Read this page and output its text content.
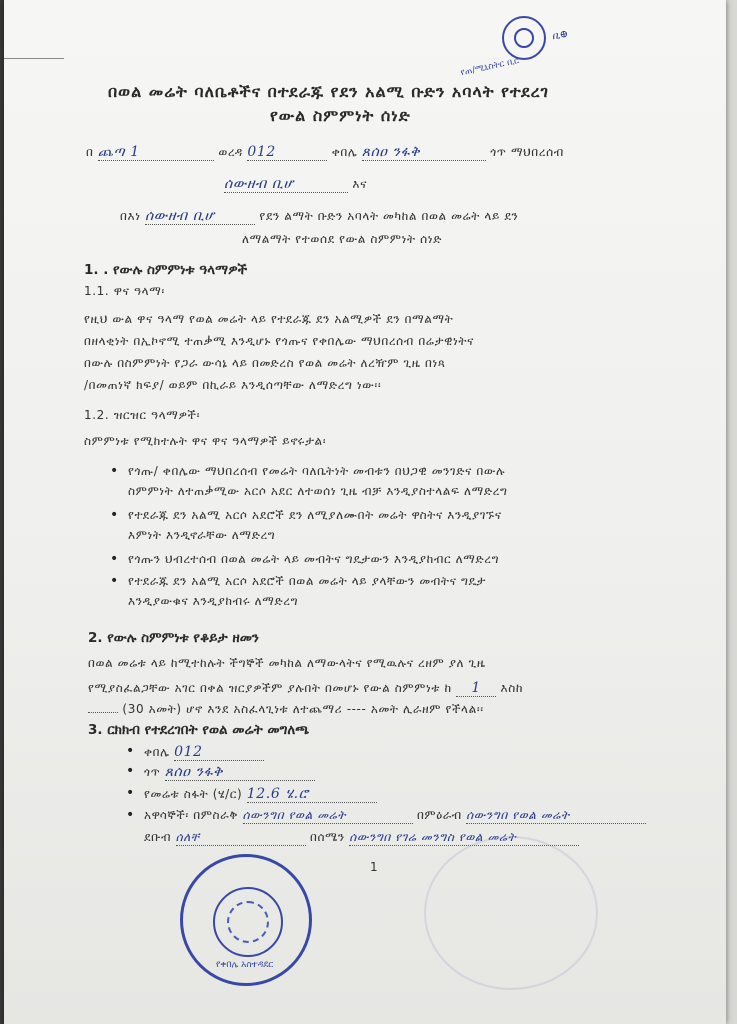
የጠ/ሚኒስትር ቢሮ
ቢ⊕
በወል መሬት ባለቤቶችና በተደራጁ የደን አልሚ ቡድን አባላት የተደረገ
የውል ስምምነት ሰነድ
በ ጨጣ 1	ወረዳ 012	ቀበሌ ጸሰዐ ንፋቅ	ጎጥ ማህበረሰብ
ሰውዘብ ቢሆ	እና
በእነ ሰውዘብ ቢሆ	የደን ልማት ቡድን አባላት መካከል በወል መሬት ላይ ደን
ለማልማት የተወሰደ የውል ስምምነት ሰነድ
1. . የውሉ ስምምነቱ ዓላማዎች
1.1. ዋና ዓላማ፡
የዚህ ውል ዋና ዓላማ የወል መሬት ላይ የተደራጁ ደን አልሚዎች ደን በማልማት
በዘላቂነት በኢኮኖሚ ተጠቃሚ እንዲሆኑ የጎጡና የቀበሌው ማህበረሰብ በሬታዊነትና
በውሉ በስምምነት የጋራ ውሳኔ ላይ በመድረስ የወል መሬት ለረዥም ጊዜ በነጻ
/በመጠነኛ ክፍያ/ ወይም በኪራይ እንዲሰጣቸው ለማድረግ ነው፡፡
1.2. ዝርዝር ዓላማዎች፡
ስምምነቱ የሚከተሉት ዋና ዋና ዓላማዎች ይኖሩታል፡
• የጎጡ/ ቀበሌው ማህበረሰብ የመሬት ባለቤትነት መብቱን በህጋዊ መንገድና በውሉ
ስምምነት ለተጠቃሚው አርሶ አደር ለተወሰነ ጊዜ ብቻ እንዲያስተላልፍ ለማድረግ
• የተደራጁ ደን አልሚ አርሶ አደሮች ደን ለሚያለሙበት መሬት ዋስትና እንዲያገኙና
እምነት እንዲኖራቸው ለማድረግ
• የጎጡን ህብረተሰብ በወል መሬት ላይ መብትና ግዴታውን እንዲያከብር ለማድረግ
• የተደራጁ ደን አልሚ አርሶ አደሮች በወል መሬት ላይ ያላቸውን መብትና ግዴታ
እንዲያውቁና እንዲያከብሩ ለማድረግ
2. የውሉ ስምምነቱ የቆይታ ዘመን
በወል መሬቱ ላይ ከሚተከሉት ችግኞች መካከል ለማውላትና የሚዉሉና ረዘም ያለ ጊዜ
የሚያስፈልጋቸው አገር በቀል ዝርያዎችም ያሉበት በመሆኑ የውል ስምምነቱ ከ 1 እስከ
(30 አመት) ሆኖ እንደ አስፈላጊነቱ ለተጨማሪ ---- አመት ሊራዘም የችላል፡፡
3. ርክክብ የተደረገበት የወል መሬት መግለጫ
• ቀበሌ 012
• ጎጥ ጸሰዐ ንፋቅ
• የመሬቱ ስፋት (ሄ/ር) 12.6 ሄ.ሮ
• አዋሳኞች፡ በምስራቅ ሰውንግበ የወል መሬት	በምዕራብ ሰውንግበ የወል መሬት
ደቡብ ሰለቸ	በሰሜን ሰውንግበ የገሬ መንግስ የወል መሬት
1
የቀበሌ አስተዳደር
